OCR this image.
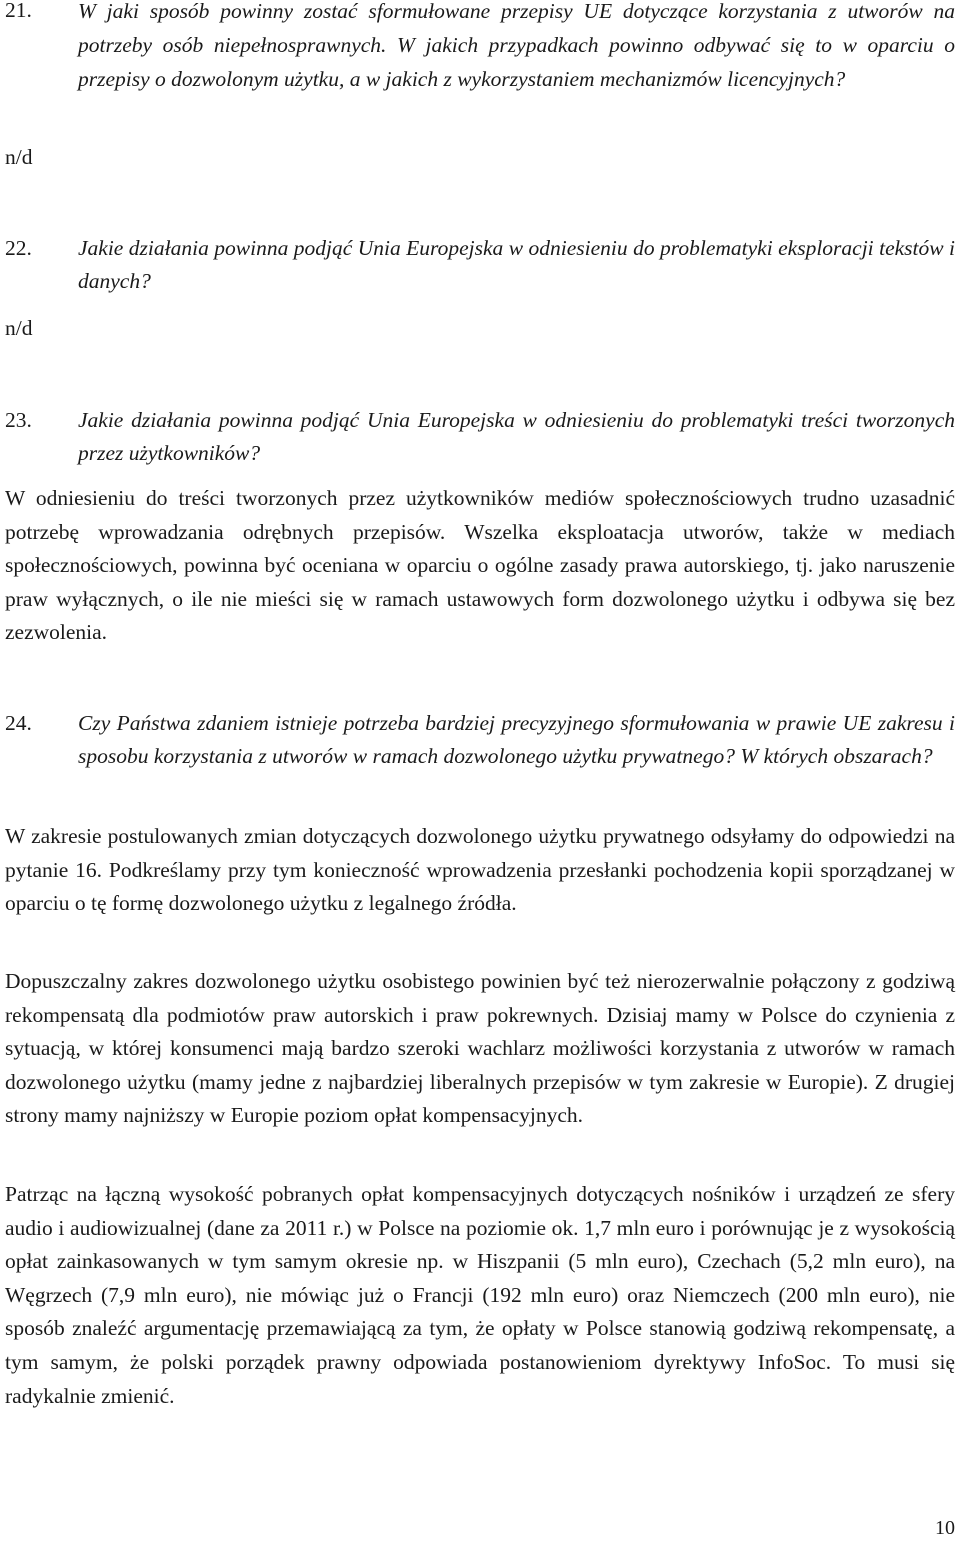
21.	W jaki sposób powinny zostać sformułowane przepisy UE dotyczące korzystania z utworów na potrzeby osób niepełnosprawnych. W jakich przypadkach powinno odbywać się to w oparciu o przepisy o dozwolonym użytku, a w jakich z wykorzystaniem mechanizmów licencyjnych?
n/d
22.	Jakie działania powinna podjąć Unia Europejska w odniesieniu do problematyki eksploracji tekstów i danych?
n/d
23.	Jakie działania powinna podjąć Unia Europejska w odniesieniu do problematyki treści tworzonych przez użytkowników?

W odniesieniu do treści tworzonych przez użytkowników mediów społecznościowych trudno uzasadnić potrzebę wprowadzania odrębnych przepisów. Wszelka eksploatacja utworów, także w mediach społecznościowych, powinna być oceniana w oparciu o ogólne zasady prawa autorskiego, tj. jako naruszenie praw wyłącznych, o ile nie mieści się w ramach ustawowych form dozwolonego użytku i odbywa się bez zezwolenia.

24.	Czy Państwa zdaniem istnieje potrzeba bardziej precyzyjnego sformułowania w prawie UE zakresu i sposobu korzystania z utworów w ramach dozwolonego użytku prywatnego? W których obszarach?

W zakresie postulowanych zmian dotyczących dozwolonego użytku prywatnego odsyłamy do odpowiedzi na pytanie 16. Podkreślamy przy tym konieczność wprowadzenia przesłanki pochodzenia kopii sporządzanej w oparciu o tę formę dozwolonego użytku z legalnego źródła.

Dopuszczalny zakres dozwolonego użytku osobistego powinien być też nierozerwalnie połączony z godziwą rekompensatą dla podmiotów praw autorskich i praw pokrewnych. Dzisiaj mamy w Polsce do czynienia z sytuacją, w której konsumenci mają bardzo szeroki wachlarz możliwości korzystania z utworów w ramach dozwolonego użytku (mamy jedne z najbardziej liberalnych przepisów w tym zakresie w Europie). Z drugiej strony mamy najniższy w Europie poziom opłat kompensacyjnych.

Patrząc na łączną wysokość pobranych opłat kompensacyjnych dotyczących nośników i urządzeń ze sfery audio i audiowizualnej (dane za 2011 r.) w Polsce na poziomie ok. 1,7 mln euro i porównując je z wysokością opłat zainkasowanych w tym samym okresie np. w Hiszpanii (5 mln euro), Czechach (5,2 mln euro), na Węgrzech (7,9 mln euro), nie mówiąc już o Francji (192 mln euro) oraz Niemczech (200 mln euro), nie sposób znaleźć argumentację przemawiającą za tym, że opłaty w Polsce stanowią godziwą rekompensatę, a tym samym, że polski porządek prawny odpowiada postanowieniom dyrektywy InfoSoc. To musi się radykalnie zmienić.

10
